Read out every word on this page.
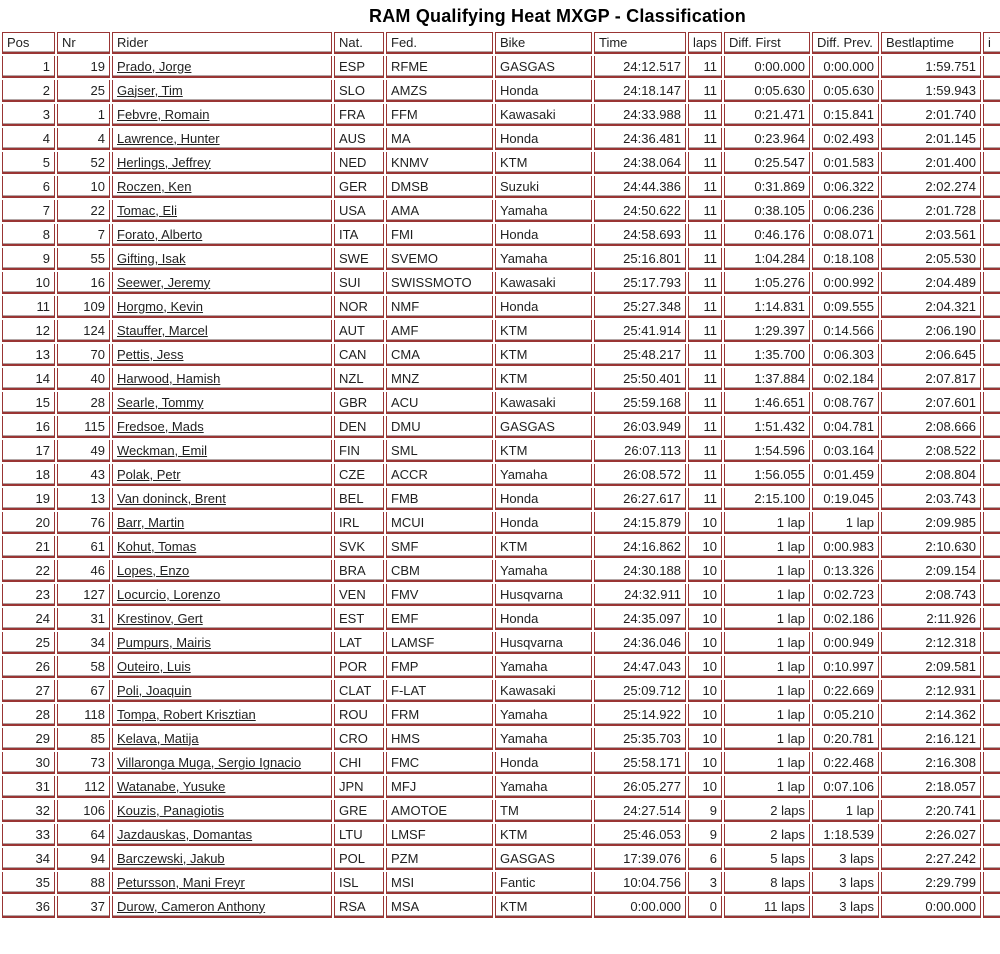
RAM Qualifying Heat MXGP - Classification
Pos	Nr	Rider	Nat.	Fed.	Bike	Time	laps	Diff. First	Diff. Prev.	Bestlaptime	i
1	19	Prado, Jorge	ESP	RFME	GASGAS	24:12.517	11	0:00.000	0:00.000	1:59.751	
2	25	Gajser, Tim	SLO	AMZS	Honda	24:18.147	11	0:05.630	0:05.630	1:59.943	
3	1	Febvre, Romain	FRA	FFM	Kawasaki	24:33.988	11	0:21.471	0:15.841	2:01.740	
4	4	Lawrence, Hunter	AUS	MA	Honda	24:36.481	11	0:23.964	0:02.493	2:01.145	
5	52	Herlings, Jeffrey	NED	KNMV	KTM	24:38.064	11	0:25.547	0:01.583	2:01.400	
6	10	Roczen, Ken	GER	DMSB	Suzuki	24:44.386	11	0:31.869	0:06.322	2:02.274	
7	22	Tomac, Eli	USA	AMA	Yamaha	24:50.622	11	0:38.105	0:06.236	2:01.728	
8	7	Forato, Alberto	ITA	FMI	Honda	24:58.693	11	0:46.176	0:08.071	2:03.561	
9	55	Gifting, Isak	SWE	SVEMO	Yamaha	25:16.801	11	1:04.284	0:18.108	2:05.530	
10	16	Seewer, Jeremy	SUI	SWISSMOTO	Kawasaki	25:17.793	11	1:05.276	0:00.992	2:04.489	
11	109	Horgmo, Kevin	NOR	NMF	Honda	25:27.348	11	1:14.831	0:09.555	2:04.321	
12	124	Stauffer, Marcel	AUT	AMF	KTM	25:41.914	11	1:29.397	0:14.566	2:06.190	
13	70	Pettis, Jess	CAN	CMA	KTM	25:48.217	11	1:35.700	0:06.303	2:06.645	
14	40	Harwood, Hamish	NZL	MNZ	KTM	25:50.401	11	1:37.884	0:02.184	2:07.817	
15	28	Searle, Tommy	GBR	ACU	Kawasaki	25:59.168	11	1:46.651	0:08.767	2:07.601	
16	115	Fredsoe, Mads	DEN	DMU	GASGAS	26:03.949	11	1:51.432	0:04.781	2:08.666	
17	49	Weckman, Emil	FIN	SML	KTM	26:07.113	11	1:54.596	0:03.164	2:08.522	
18	43	Polak, Petr	CZE	ACCR	Yamaha	26:08.572	11	1:56.055	0:01.459	2:08.804	
19	13	Van doninck, Brent	BEL	FMB	Honda	26:27.617	11	2:15.100	0:19.045	2:03.743	
20	76	Barr, Martin	IRL	MCUI	Honda	24:15.879	10	1 lap	1 lap	2:09.985	
21	61	Kohut, Tomas	SVK	SMF	KTM	24:16.862	10	1 lap	0:00.983	2:10.630	
22	46	Lopes, Enzo	BRA	CBM	Yamaha	24:30.188	10	1 lap	0:13.326	2:09.154	
23	127	Locurcio, Lorenzo	VEN	FMV	Husqvarna	24:32.911	10	1 lap	0:02.723	2:08.743	
24	31	Krestinov, Gert	EST	EMF	Honda	24:35.097	10	1 lap	0:02.186	2:11.926	
25	34	Pumpurs, Mairis	LAT	LAMSF	Husqvarna	24:36.046	10	1 lap	0:00.949	2:12.318	
26	58	Outeiro, Luis	POR	FMP	Yamaha	24:47.043	10	1 lap	0:10.997	2:09.581	
27	67	Poli, Joaquin	CLAT	F-LAT	Kawasaki	25:09.712	10	1 lap	0:22.669	2:12.931	
28	118	Tompa, Robert Krisztian	ROU	FRM	Yamaha	25:14.922	10	1 lap	0:05.210	2:14.362	
29	85	Kelava, Matija	CRO	HMS	Yamaha	25:35.703	10	1 lap	0:20.781	2:16.121	
30	73	Villaronga Muga, Sergio Ignacio	CHI	FMC	Honda	25:58.171	10	1 lap	0:22.468	2:16.308	
31	112	Watanabe, Yusuke	JPN	MFJ	Yamaha	26:05.277	10	1 lap	0:07.106	2:18.057	
32	106	Kouzis, Panagiotis	GRE	AMOTOE	TM	24:27.514	9	2 laps	1 lap	2:20.741	
33	64	Jazdauskas, Domantas	LTU	LMSF	KTM	25:46.053	9	2 laps	1:18.539	2:26.027	
34	94	Barczewski, Jakub	POL	PZM	GASGAS	17:39.076	6	5 laps	3 laps	2:27.242	
35	88	Petursson, Mani Freyr	ISL	MSI	Fantic	10:04.756	3	8 laps	3 laps	2:29.799	
36	37	Durow, Cameron Anthony	RSA	MSA	KTM	0:00.000	0	11 laps	3 laps	0:00.000	
